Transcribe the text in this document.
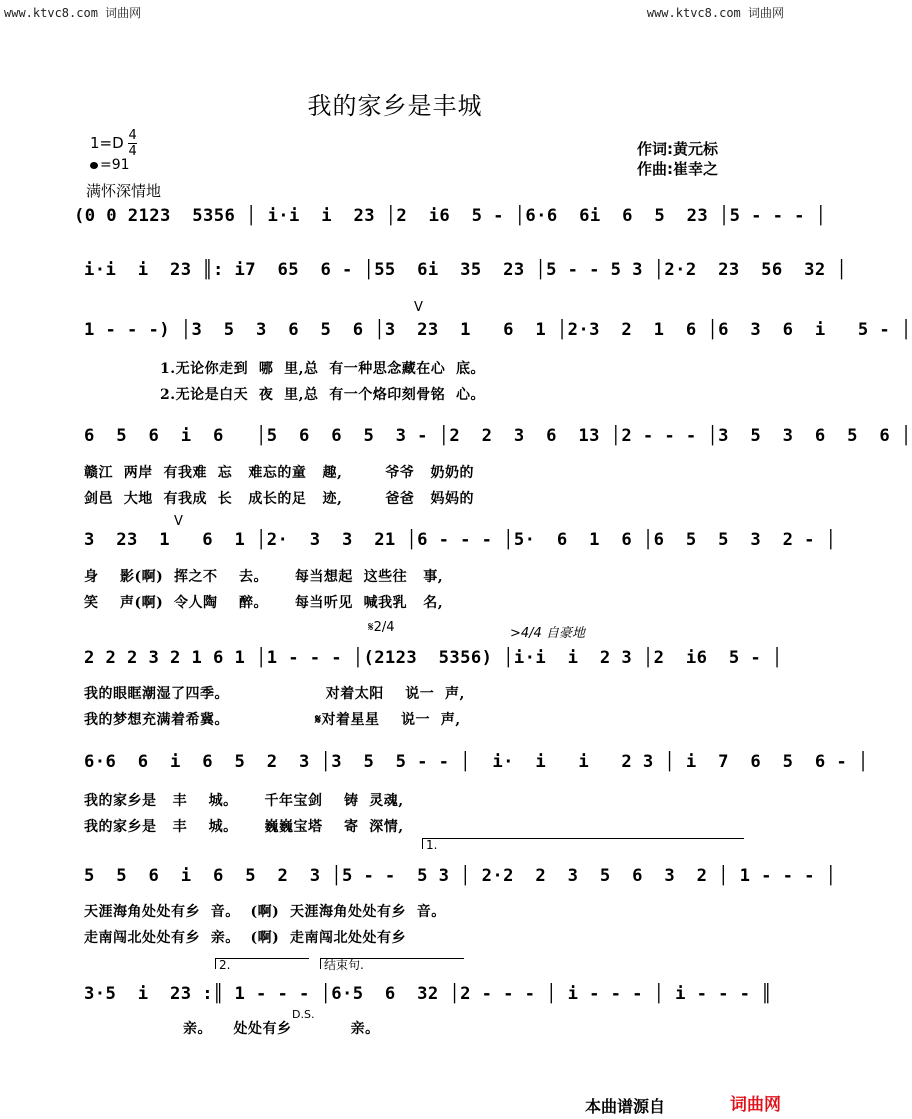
www.ktvc8.com 词曲网	www.ktvc8.com 词曲网
我的家乡是丰城
$1=D \frac{4}{4}$
=91
作词:黄元标
作曲:崔幸之
满怀深情地
(0 0 2123  5356 │ i·i  i  23 │2  i6  5 - │6·6  6i  6  5  23 │5 - - - │
i·i  i  23 ║: i7  65  6 - │55  6i  35  23 │5 - - 5 3 │2·2  23  56  32 │
1 - - -) │3  5  3  6  5  6 │3  23  1   6  1 │2·3  2  1  6 │6  3  6  i   5 - │
V
1.无论你走到  哪  里,总  有一种思念藏在心  底。
2.无论是白天  夜  里,总  有一个烙印刻骨铭  心。
6  5  6  i  6   │5  6  6  5  3 - │2  2  3  6  13 │2 - - - │3  5  3  6  5  6 │
赣江  两岸  有我难  忘   难忘的童   趣,        爷爷   奶奶的
剑邑  大地  有我成  长   成长的足   迹,        爸爸   妈妈的
3  23  1   6  1 │2·  3  3  21 │6 - - - │5·  6  1  6 │6  5  5  3  2 - │
V
身    影(啊)  挥之不    去。     每当想起  这些往   事,
笑    声(啊)  令人陶    醉。     每当听见  喊我乳   名,
𝄋2/4	>4/4 自豪地
2 2 2 3 2 1 6 1 │1 - - - │(2123  5356) │i·i  i  2 3 │2  i6  5 - │
我的眼眶潮湿了四季。                  对着太阳    说一  声,
我的梦想充满着希冀。                𝄋对着星星    说一  声,
6·6  6  i  6  5  2  3 │3  5  5 - - │  i·  i   i   2 3 │ i  7  6  5  6 - │
我的家乡是   丰    城。     千年宝剑    铸  灵魂,
我的家乡是   丰    城。     巍巍宝塔    寄  深情,
1.
5  5  6  i  6  5  2  3 │5 - -  5 3 │ 2·2  2  3  5  6  3  2 │ 1 - - - │
天涯海角处处有乡  音。  (啊)  天涯海角处处有乡  音。
走南闯北处处有乡  亲。  (啊)  走南闯北处处有乡
2.	结束句.
3·5  i  23 :║ 1 - - - │6·5  6  32 │2 - - - │ i - - - │ i - - - ║
D.S.
亲。    处处有乡           亲。
本曲谱源自	词曲网
